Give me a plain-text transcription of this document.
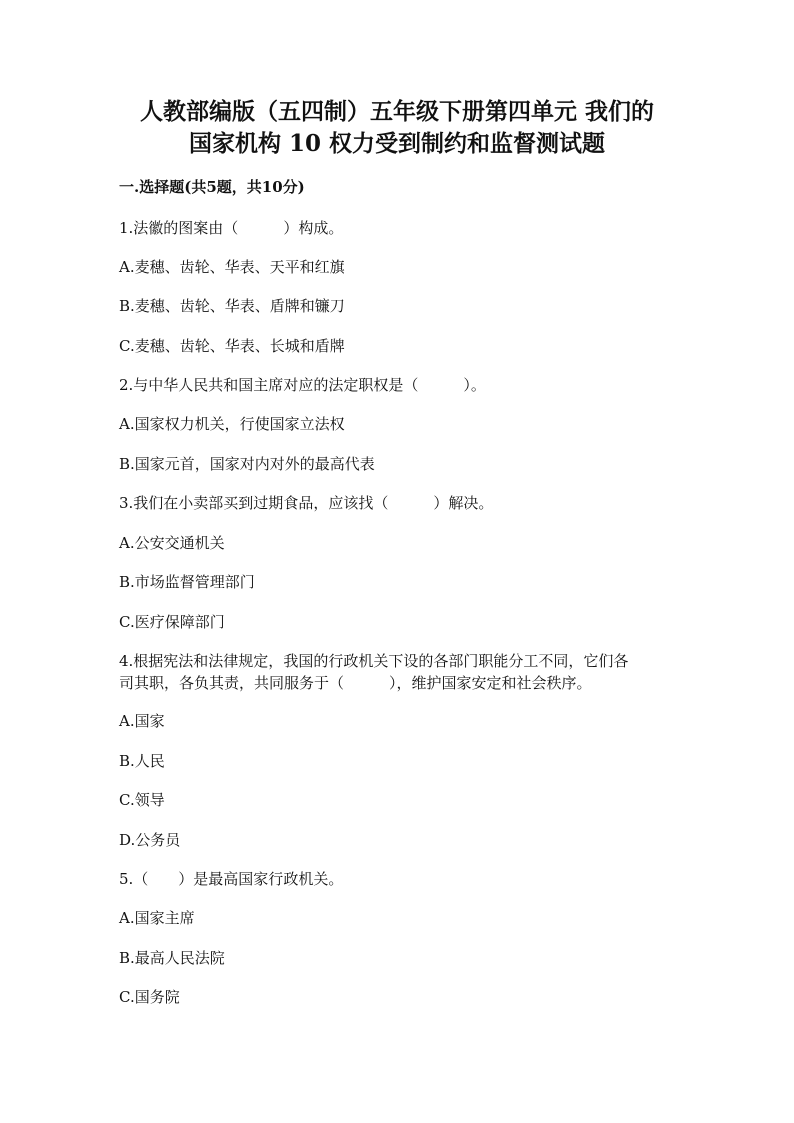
人教部编版（五四制）五年级下册第四单元 我们的
国家机构 10 权力受到制约和监督测试题
一.选择题(共5题，共10分)
1.法徽的图案由（　　　）构成。
A.麦穗、齿轮、华表、天平和红旗
B.麦穗、齿轮、华表、盾牌和镰刀
C.麦穗、齿轮、华表、长城和盾牌
2.与中华人民共和国主席对应的法定职权是（　　　）。
A.国家权力机关，行使国家立法权
B.国家元首，国家对内对外的最高代表
3.我们在小卖部买到过期食品，应该找（　　　）解决。
A.公安交通机关
B.市场监督管理部门
C.医疗保障部门
4.根据宪法和法律规定，我国的行政机关下设的各部门职能分工不同，它们各
司其职，各负其责，共同服务于（　　　），维护国家安定和社会秩序。
A.国家
B.人民
C.领导
D.公务员
5.（　　）是最高国家行政机关。
A.国家主席
B.最高人民法院
C.国务院
